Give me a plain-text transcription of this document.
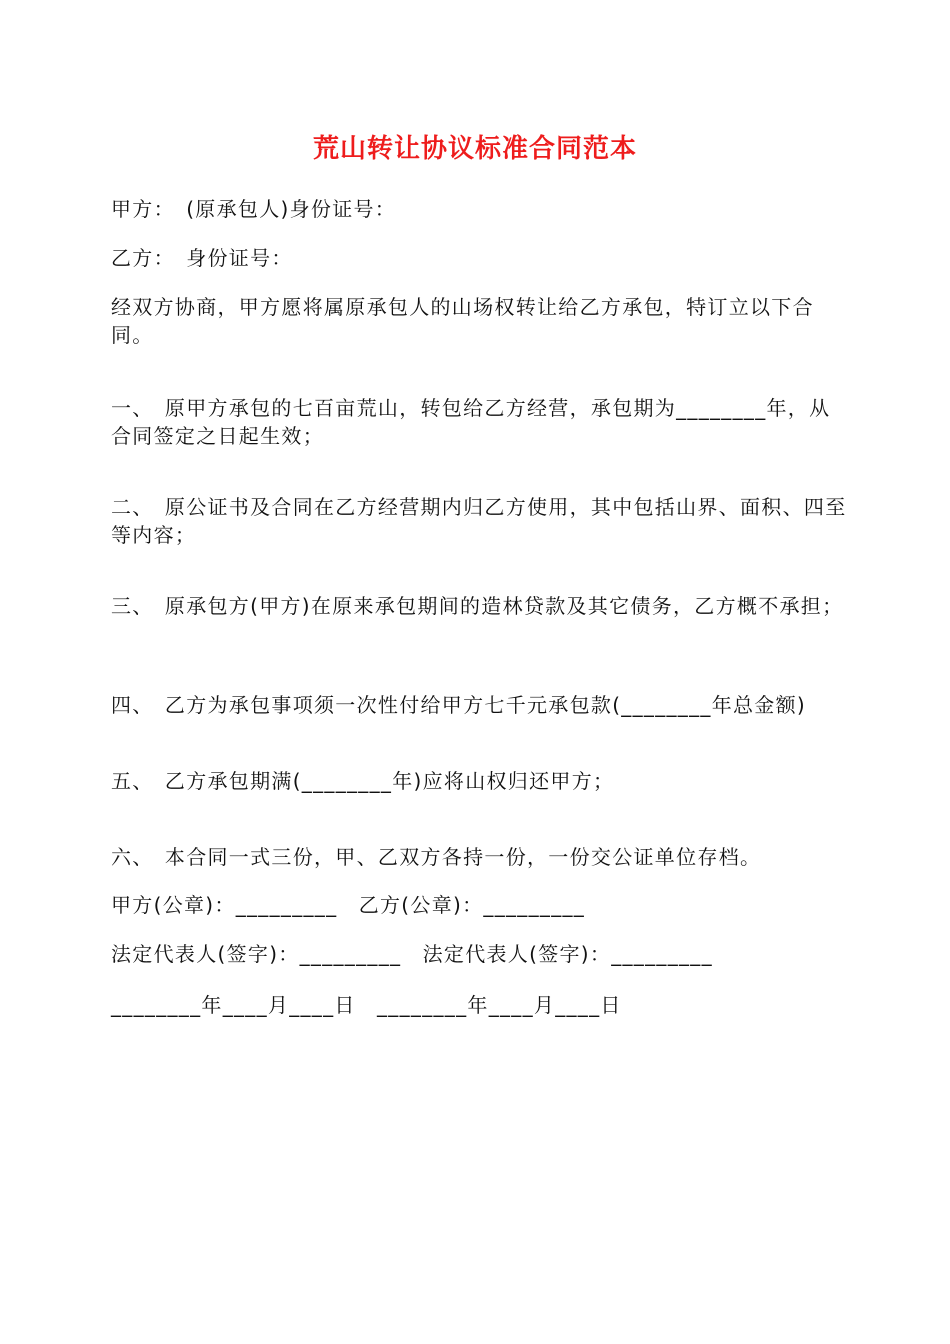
荒山转让协议标准合同范本
甲方：　(原承包人)身份证号：
乙方：　身份证号：
经双方协商，甲方愿将属原承包人的山场权转让给乙方承包，特订立以下合同。
一、　原甲方承包的七百亩荒山，转包给乙方经营，承包期为________年，从合同签定之日起生效；
二、　原公证书及合同在乙方经营期内归乙方使用，其中包括山界、面积、四至等内容；
三、　原承包方(甲方)在原来承包期间的造林贷款及其它债务，乙方概不承担；
四、　乙方为承包事项须一次性付给甲方七千元承包款(________年总金额)
五、　乙方承包期满(________年)应将山权归还甲方；
六、　本合同一式三份，甲、乙双方各持一份，一份交公证单位存档。
甲方(公章)：_________　乙方(公章)：_________
法定代表人(签字)：_________　法定代表人(签字)：_________
________年____月____日　________年____月____日
